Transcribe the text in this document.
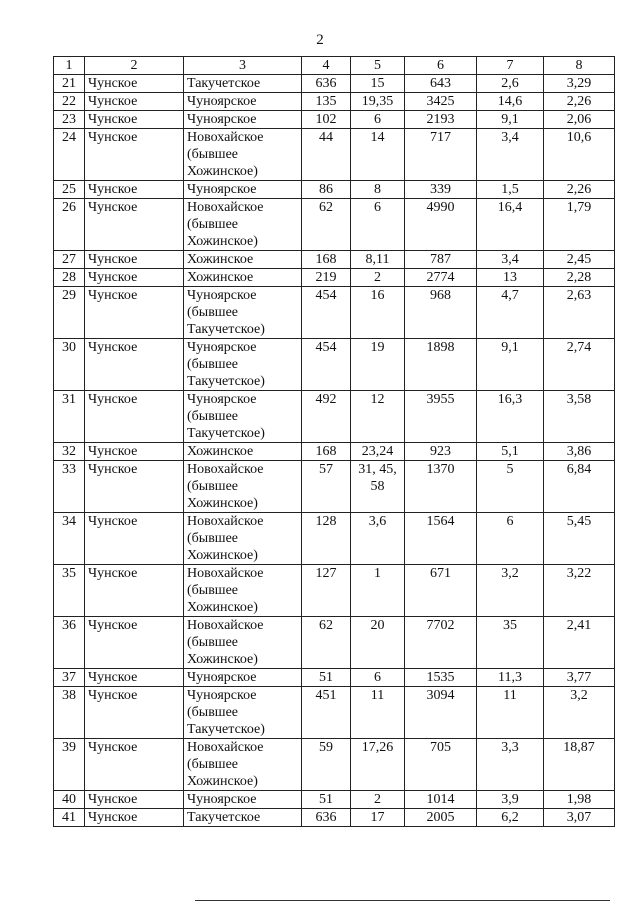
2
1	2	3	4	5	6	7	8
21	Чунское	Такучетское	636	15	643	2,6	3,29
22	Чунское	Чуноярское	135	19,35	3425	14,6	2,26
23	Чунское	Чуноярское	102	6	2193	9,1	2,06
24	Чунское	Новохайское
(бывшее
Хожинское)	44	14	717	3,4	10,6
25	Чунское	Чуноярское	86	8	339	1,5	2,26
26	Чунское	Новохайское
(бывшее
Хожинское)	62	6	4990	16,4	1,79
27	Чунское	Хожинское	168	8,11	787	3,4	2,45
28	Чунское	Хожинское	219	2	2774	13	2,28
29	Чунское	Чуноярское
(бывшее
Такучетское)	454	16	968	4,7	2,63
30	Чунское	Чуноярское
(бывшее
Такучетское)	454	19	1898	9,1	2,74
31	Чунское	Чуноярское
(бывшее
Такучетское)	492	12	3955	16,3	3,58
32	Чунское	Хожинское	168	23,24	923	5,1	3,86
33	Чунское	Новохайское
(бывшее
Хожинское)	57	31, 45,
58	1370	5	6,84
34	Чунское	Новохайское
(бывшее
Хожинское)	128	3,6	1564	6	5,45
35	Чунское	Новохайское
(бывшее
Хожинское)	127	1	671	3,2	3,22
36	Чунское	Новохайское
(бывшее
Хожинское)	62	20	7702	35	2,41
37	Чунское	Чуноярское	51	6	1535	11,3	3,77
38	Чунское	Чуноярское
(бывшее
Такучетское)	451	11	3094	11	3,2
39	Чунское	Новохайское
(бывшее
Хожинское)	59	17,26	705	3,3	18,87
40	Чунское	Чуноярское	51	2	1014	3,9	1,98
41	Чунское	Такучетское	636	17	2005	6,2	3,07
